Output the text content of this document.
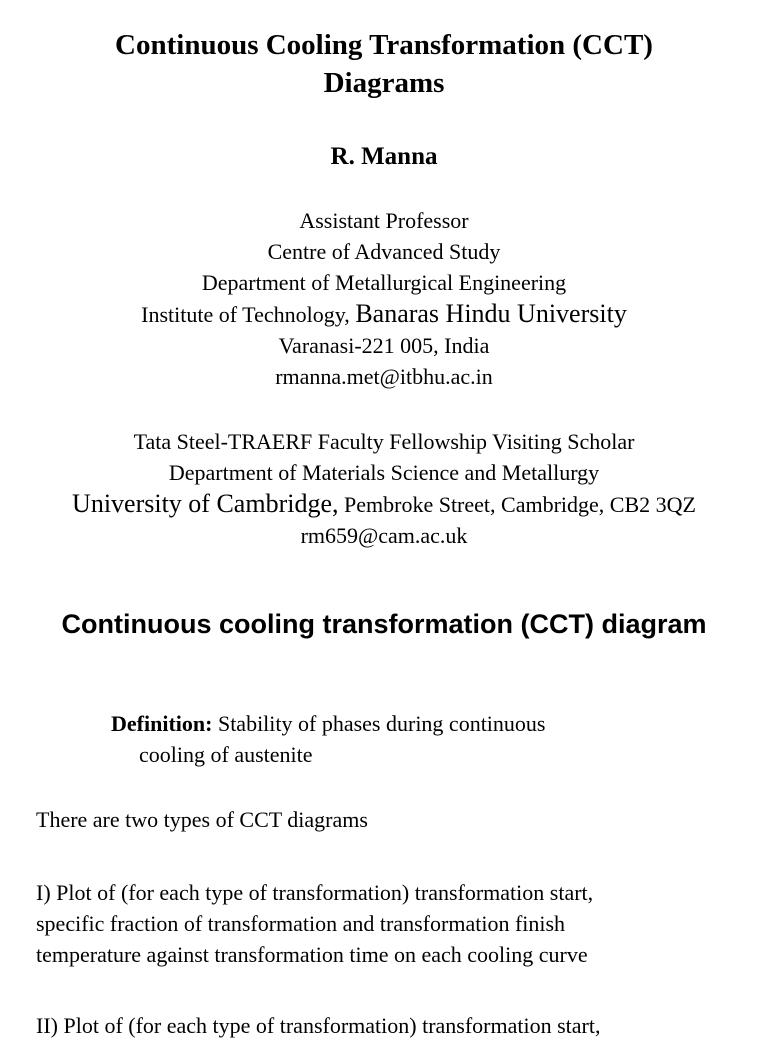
Continuous Cooling Transformation (CCT)
Diagrams
R. Manna
Assistant Professor
Centre of Advanced Study
Department of Metallurgical Engineering
Institute of Technology, Banaras Hindu University
Varanasi-221 005, India
rmanna.met@itbhu.ac.in
Tata Steel-TRAERF Faculty Fellowship Visiting Scholar
Department of Materials Science and Metallurgy
University of Cambridge, Pembroke Street, Cambridge, CB2 3QZ
rm659@cam.ac.uk
Continuous cooling transformation (CCT) diagram
Definition: Stability of phases during continuous
cooling of austenite
There are two types of CCT diagrams
I) Plot of (for each type of transformation) transformation start,
specific fraction of transformation and transformation finish
temperature against transformation time on each cooling curve
II) Plot of (for each type of transformation) transformation start,
